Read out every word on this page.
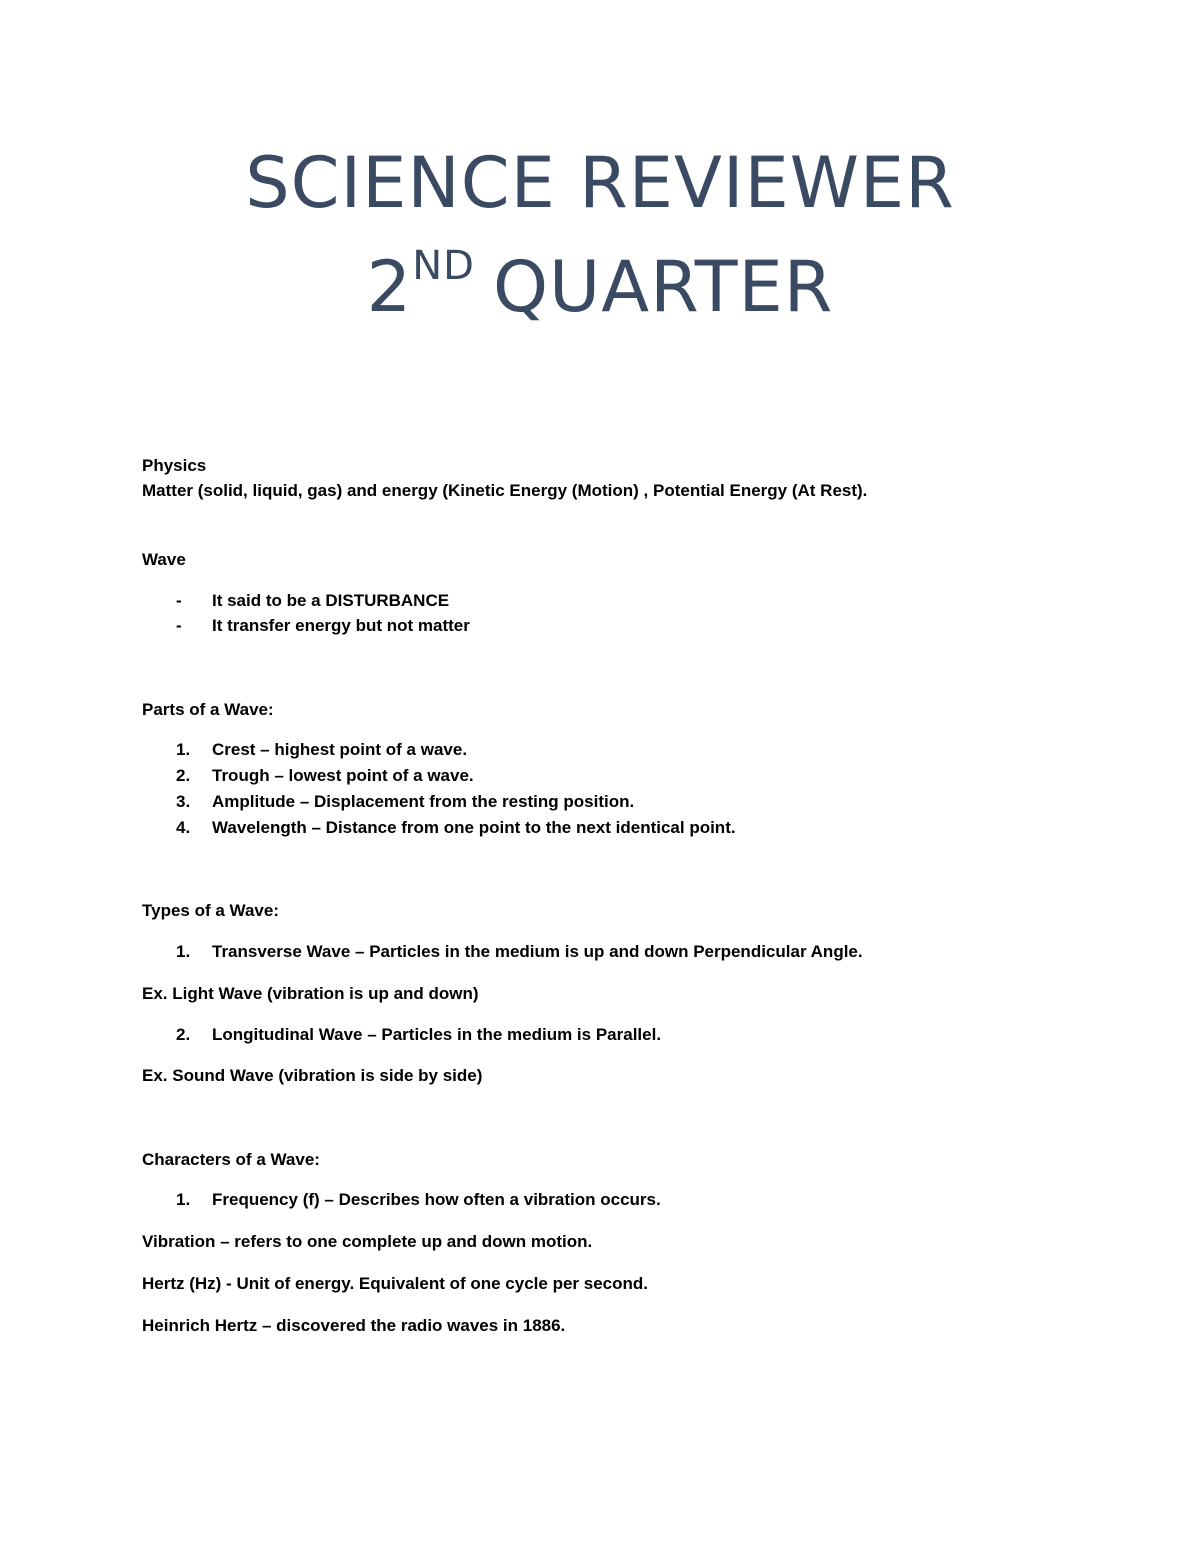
SCIENCE REVIEWER
2ND QUARTER

Physics

Matter (solid, liquid, gas) and energy (Kinetic Energy (Motion) , Potential Energy (At Rest).

Wave

-	It said to be a DISTURBANCE
-	It transfer energy but not matter

Parts of a Wave:

1.	Crest – highest point of a wave.
2.	Trough – lowest point of a wave.
3.	Amplitude – Displacement from the resting position.
4.	Wavelength – Distance from one point to the next identical point.

Types of a Wave:

1.	Transverse Wave – Particles in the medium is up and down Perpendicular Angle.

Ex. Light Wave (vibration is up and down)

2.	Longitudinal Wave – Particles in the medium is Parallel.

Ex. Sound Wave (vibration is side by side)

Characters of a Wave:

1.	Frequency (f) – Describes how often a vibration occurs.

Vibration – refers to one complete up and down motion.

Hertz (Hz) - Unit of energy. Equivalent of one cycle per second.

Heinrich Hertz – discovered the radio waves in 1886.
